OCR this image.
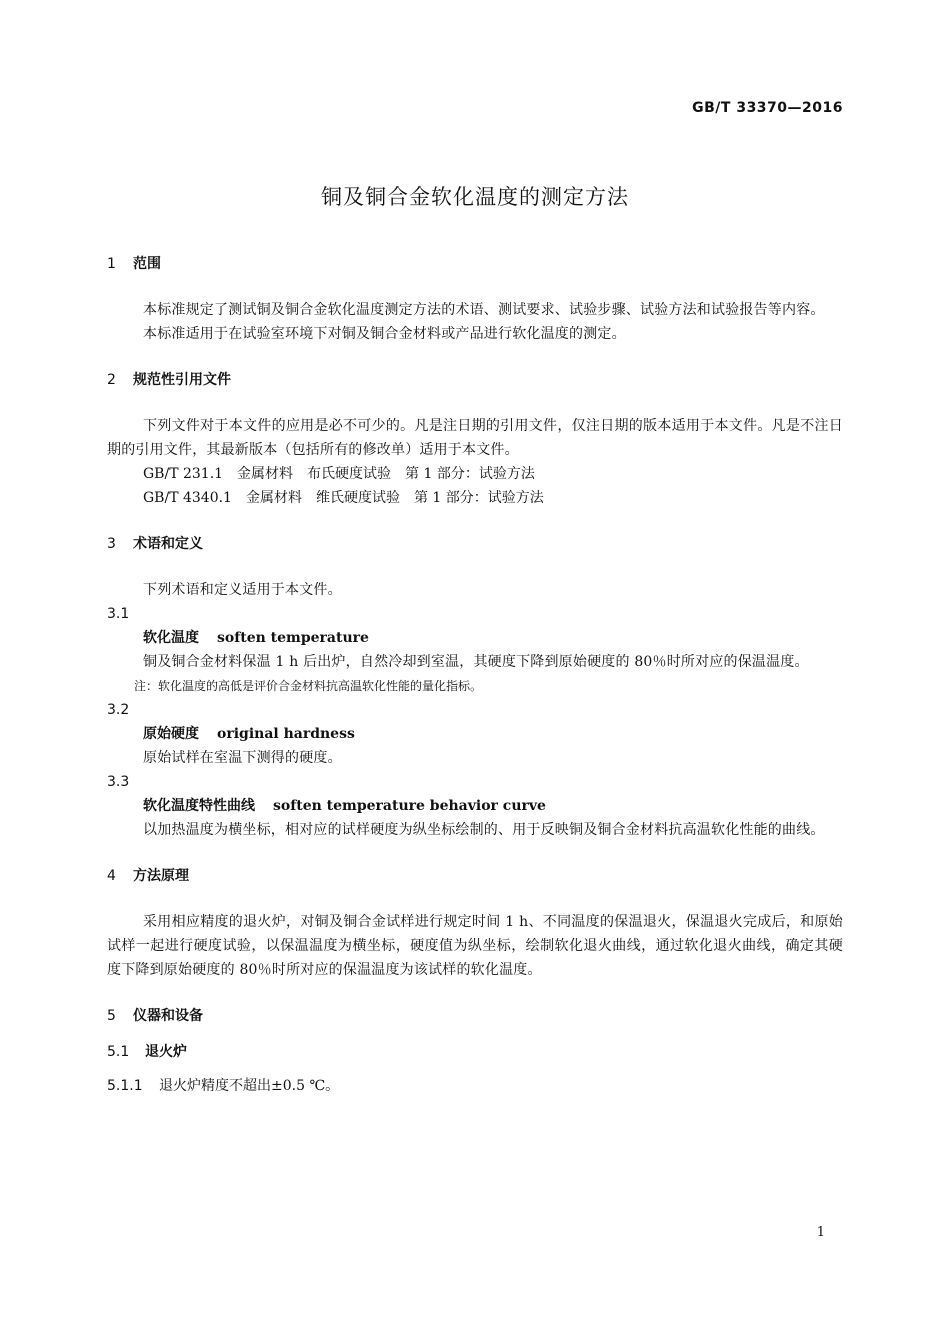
GB/T 33370—2016
铜及铜合金软化温度的测定方法
1 范围

本标准规定了测试铜及铜合金软化温度测定方法的术语、测试要求、试验步骤、试验方法和试验报告等内容。

本标准适用于在试验室环境下对铜及铜合金材料或产品进行软化温度的测定。

2 规范性引用文件

下列文件对于本文件的应用是必不可少的。凡是注日期的引用文件，仅注日期的版本适用于本文件。凡是不注日期的引用文件，其最新版本（包括所有的修改单）适用于本文件。

GB/T 231.1　金属材料　布氏硬度试验　第 1 部分：试验方法

GB/T 4340.1　金属材料　维氏硬度试验　第 1 部分：试验方法

3 术语和定义

下列术语和定义适用于本文件。

3.1

软化温度 soften temperature

铜及铜合金材料保温 1 h 后出炉，自然冷却到室温，其硬度下降到原始硬度的 80％时所对应的保温温度。

注：软化温度的高低是评价合金材料抗高温软化性能的量化指标。

3.2

原始硬度 original hardness

原始试样在室温下测得的硬度。

3.3

软化温度特性曲线 soften temperature behavior curve

以加热温度为横坐标，相对应的试样硬度为纵坐标绘制的、用于反映铜及铜合金材料抗高温软化性能的曲线。

4 方法原理

采用相应精度的退火炉，对铜及铜合金试样进行规定时间 1 h、不同温度的保温退火，保温退火完成后，和原始试样一起进行硬度试验，以保温温度为横坐标，硬度值为纵坐标，绘制软化退火曲线，通过软化退火曲线，确定其硬度下降到原始硬度的 80％时所对应的保温温度为该试样的软化温度。

5 仪器和设备
5.1 退火炉
5.1.1 退火炉精度不超出±0.5 ℃。
1
